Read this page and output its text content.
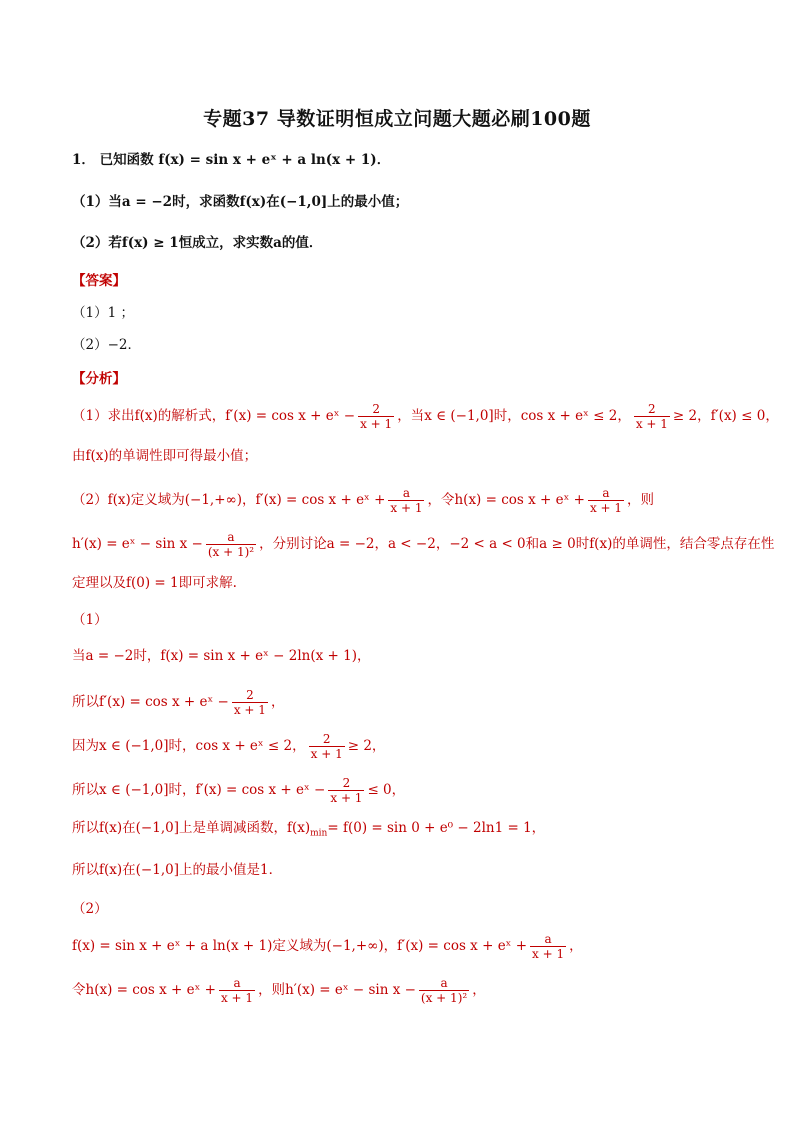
专题37 导数证明恒成立问题大题必刷100题
1． 已知函数 f(x) = sin x + eˣ + a ln(x + 1)．
（1）当a = −2时，求函数f(x)在(−1,0]上的最小值；
（2）若f(x) ≥ 1恒成立，求实数a的值．
【答案】
（1）1 ；
（2）−2．
【分析】
（1）求出f(x)的解析式，f′(x) = cos x + eˣ − $\frac{2}{x + 1}$ ，当x ∈ (−1,0]时，cos x + eˣ ≤ 2， $\frac{2}{x + 1} \ge 2$，f′(x) ≤ 0，
由f(x)的单调性即可得最小值；
（2）f(x)定义域为(−1,+∞)，f′(x) = cos x + eˣ + $\frac{a}{x + 1}$ ，令h(x) = cos x + eˣ + $\frac{a}{x + 1}$ ，则
h′(x) = eˣ − $\sin x - \frac{a}{\text{(x + 1)²}}$ ，分别讨论a = −2，a < −2，−2 < a < 0和a ≥ 0时f(x)的单调性，结合零点存在性
定理以及f(0) = 1即可求解.
（1）
当a = −2时，f(x) = sin x + eˣ − 2ln(x + 1)，
所以f′(x) = cos x + eˣ − $\frac{2}{x + 1}$ ，
因为x ∈ (−1,0]时，cos x + eˣ ≤ 2， $\frac{2}{x + 1} \ge 2$，
所以x ∈ (−1,0]时，f′(x) = cos x + eˣ − $\frac{2}{x + 1} \le 0$，
所以f(x)在(−1,0]上是单调减函数，$f(x)_{min}= f(0) = \sin 0 + e^0 - 2\ln 1 = 1$，
所以f(x)在(−1,0]上的最小值是1．
（2）
f(x) = sin x + eˣ + a ln(x + 1)定义域为(−1,+∞)，f′(x) = cos x + eˣ + $\frac{a}{x + 1}$ ，
令h(x) = cos x + eˣ + $\frac{a}{x + 1}$ ，则h′(x) = eˣ − $\sin x - \frac{a}{\text{(x + 1)²}}$ ，
